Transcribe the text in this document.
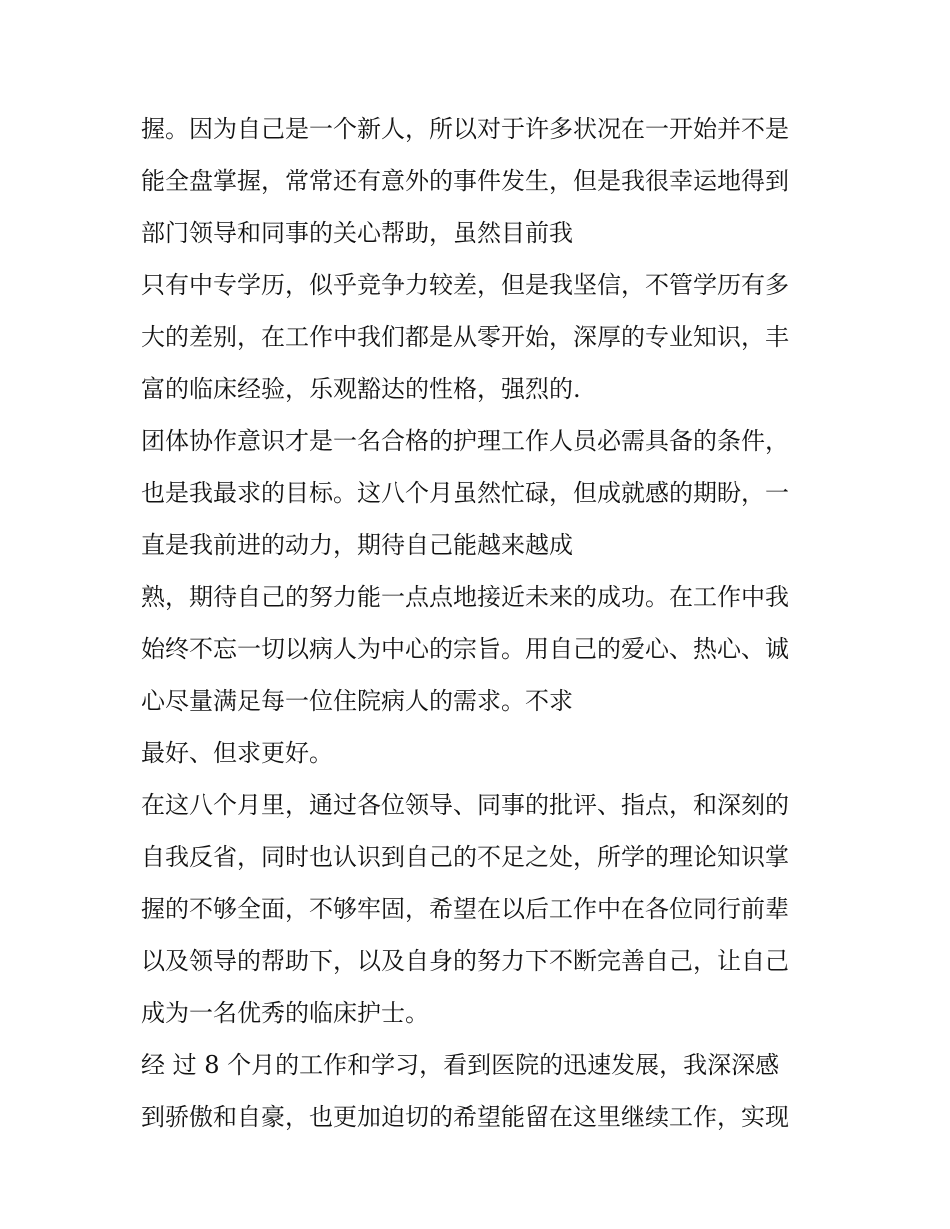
握。因为自己是一个新人，所以对于许多状况在一开始并不是
能全盘掌握，常常还有意外的事件发生，但是我很幸运地得到
部门领导和同事的关心帮助，虽然目前我
只有中专学历，似乎竞争力较差，但是我坚信，不管学历有多
大的差别，在工作中我们都是从零开始，深厚的专业知识，丰
富的临床经验，乐观豁达的性格，强烈的.
团体协作意识才是一名合格的护理工作人员必需具备的条件，
也是我最求的目标。这八个月虽然忙碌，但成就感的期盼，一
直是我前进的动力，期待自己能越来越成
熟，期待自己的努力能一点点地接近未来的成功。在工作中我
始终不忘一切以病人为中心的宗旨。用自己的爱心、热心、诚
心尽量满足每一位住院病人的需求。不求
最好、但求更好。
在这八个月里，通过各位领导、同事的批评、指点，和深刻的
自我反省，同时也认识到自己的不足之处，所学的理论知识掌
握的不够全面，不够牢固，希望在以后工作中在各位同行前辈
以及领导的帮助下，以及自身的努力下不断完善自己，让自己
成为一名优秀的临床护士。
经 过 8 个月的工作和学习，看到医院的迅速发展，我深深感
到骄傲和自豪，也更加迫切的希望能留在这里继续工作，实现
